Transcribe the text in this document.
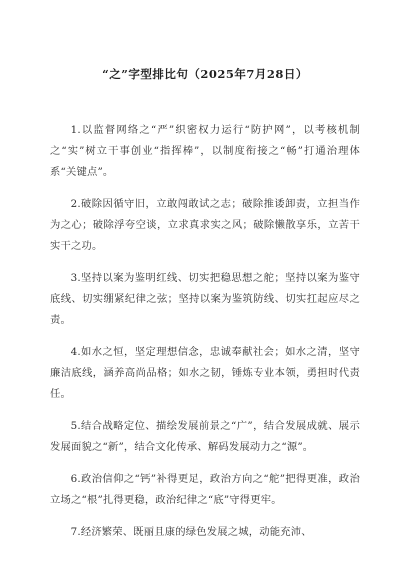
“之”字型排比句（2025年7月28日）

1.以监督网络之“严”织密权力运行“防护网”，以考核机制之“实”树立干事创业“指挥棒”，以制度衔接之“畅”打通治理体系“关键点”。

2.破除因循守旧，立敢闯敢试之志；破除推诿卸责，立担当作为之心；破除浮夸空谈，立求真求实之风；破除懒散享乐，立苦干实干之功。

3.坚持以案为鉴明红线、切实把稳思想之舵；坚持以案为鉴守底线、切实绷紧纪律之弦；坚持以案为鉴筑防线、切实扛起应尽之责。

4.如水之恒，坚定理想信念，忠诚奉献社会；如水之清，坚守廉洁底线，涵养高尚品格；如水之韧，锤炼专业本领，勇担时代责任。

5.结合战略定位、描绘发展前景之“广”，结合发展成就、展示发展面貌之“新”，结合文化传承、解码发展动力之“源”。

6.政治信仰之“钙”补得更足，政治方向之“舵”把得更准，政治立场之“根”扎得更稳，政治纪律之“底”守得更牢。

7.经济繁荣、既丽且康的绿色发展之城，动能充沛、
